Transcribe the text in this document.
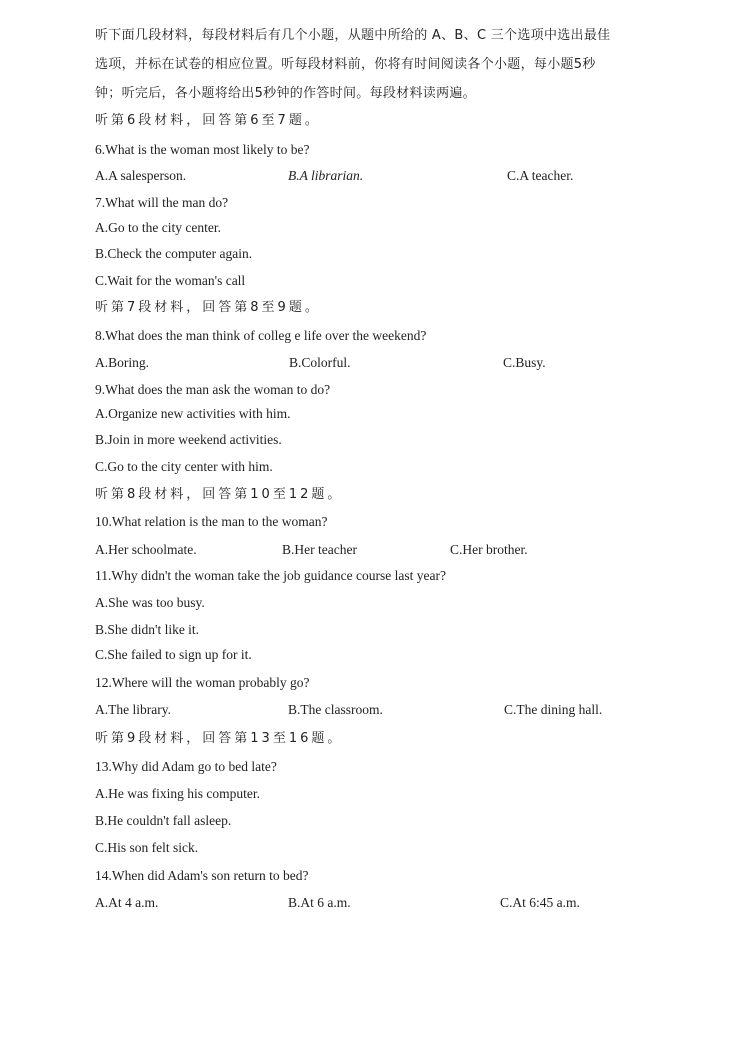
听下面几段材料，每段材料后有几个小题，从题中所给的 A、B、C 三个选项中选出最佳
选项，并标在试卷的相应位置。听每段材料前，你将有时间阅读各个小题，每小题5秒
钟；听完后，各小题将给出5秒钟的作答时间。每段材料读两遍。
听第6段材料，回答第6至7题。
6.What is the woman most likely to be?
A.A salesperson.	B.A librarian.	C.A teacher.
7.What will the man do?
A.Go to the city center.
B.Check the computer again.
C.Wait for the woman's call
听第7段材料，回答第8至9题。
8.What does the man think of colleg e life over the weekend?
A.Boring.	B.Colorful.	C.Busy.
9.What does the man ask the woman to do?
A.Organize new activities with him.
B.Join in more weekend activities.
C.Go to the city center with him.
听第8段材料，回答第10至12题。
10.What relation is the man to the woman?
A.Her schoolmate.	B.Her teacher	C.Her brother.
11.Why didn't the woman take the job guidance course last year?
A.She was too busy.
B.She didn't like it.
C.She failed to sign up for it.
12.Where will the woman probably go?
A.The library.	B.The classroom.	C.The dining hall.
听第9段材料，回答第13至16题。
13.Why did Adam go to bed late?
A.He was fixing his computer.
B.He couldn't fall asleep.
C.His son felt sick.
14.When did Adam's son return to bed?
A.At 4 a.m.	B.At 6 a.m.	C.At 6:45 a.m.
